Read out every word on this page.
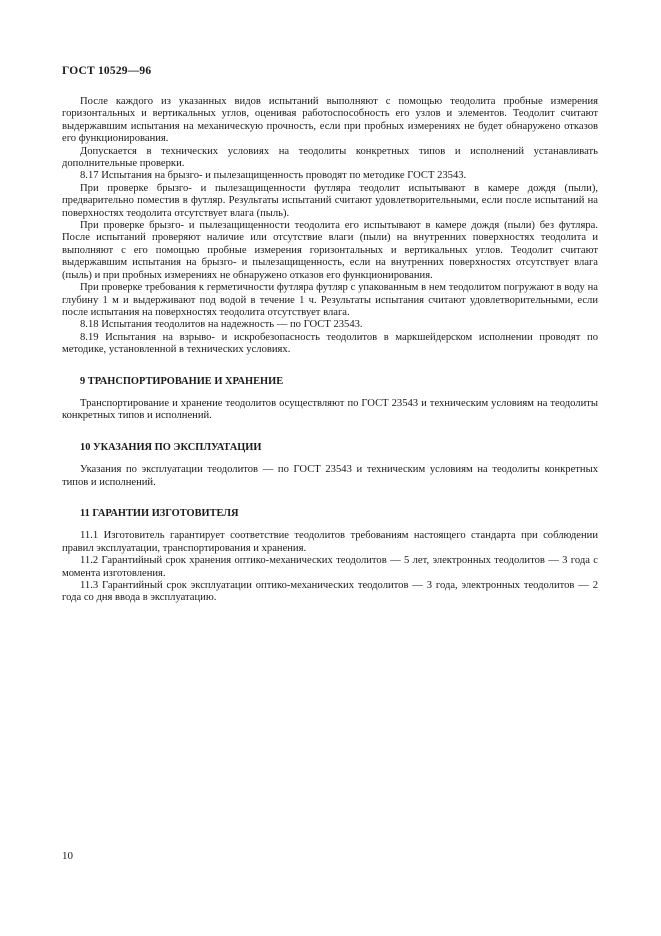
ГОСТ 10529—96

После каждого из указанных видов испытаний выполняют с помощью теодолита пробные измерения горизонтальных и вертикальных углов, оценивая работоспособность его узлов и элементов. Теодолит считают выдержавшим испытания на механическую прочность, если при пробных измерениях не будет обнаружено отказов его функционирования.

Допускается в технических условиях на теодолиты конкретных типов и исполнений устанавливать дополнительные проверки.

8.17 Испытания на брызго- и пылезащищенность проводят по методике ГОСТ 23543.

При проверке брызго- и пылезащищенности футляра теодолит испытывают в камере дождя (пыли), предварительно поместив в футляр. Результаты испытаний считают удовлетворительными, если после испытаний на поверхностях теодолита отсутствует влага (пыль).

При проверке брызго- и пылезащищенности теодолита его испытывают в камере дождя (пыли) без футляра. После испытаний проверяют наличие или отсутствие влаги (пыли) на внутренних поверхностях теодолита и выполняют с его помощью пробные измерения горизонтальных и вертикальных углов. Теодолит считают выдержавшим испытания на брызго- и пылезащищенность, если на внутренних поверхностях отсутствует влага (пыль) и при пробных измерениях не обнаружено отказов его функционирования.

При проверке требования к герметичности футляра футляр с упакованным в нем теодолитом погружают в воду на глубину 1 м и выдерживают под водой в течение 1 ч. Результаты испытания считают удовлетворительными, если после испытания на поверхностях теодолита отсутствует влага.

8.18 Испытания теодолитов на надежность — по ГОСТ 23543.

8.19 Испытания на взрыво- и искробезопасность теодолитов в маркшейдерском исполнении проводят по методике, установленной в технических условиях.

9 ТРАНСПОРТИРОВАНИЕ И ХРАНЕНИЕ

Транспортирование и хранение теодолитов осуществляют по ГОСТ 23543 и техническим условиям на теодолиты конкретных типов и исполнений.

10 УКАЗАНИЯ ПО ЭКСПЛУАТАЦИИ

Указания по эксплуатации теодолитов — по ГОСТ 23543 и техническим условиям на теодолиты конкретных типов и исполнений.

11 ГАРАНТИИ ИЗГОТОВИТЕЛЯ

11.1 Изготовитель гарантирует соответствие теодолитов требованиям настоящего стандарта при соблюдении правил эксплуатации, транспортирования и хранения.

11.2 Гарантийный срок хранения оптико-механических теодолитов — 5 лет, электронных теодолитов — 3 года с момента изготовления.

11.3 Гарантийный срок эксплуатации оптико-механических теодолитов — 3 года, электронных теодолитов — 2 года со дня ввода в эксплуатацию.

10
